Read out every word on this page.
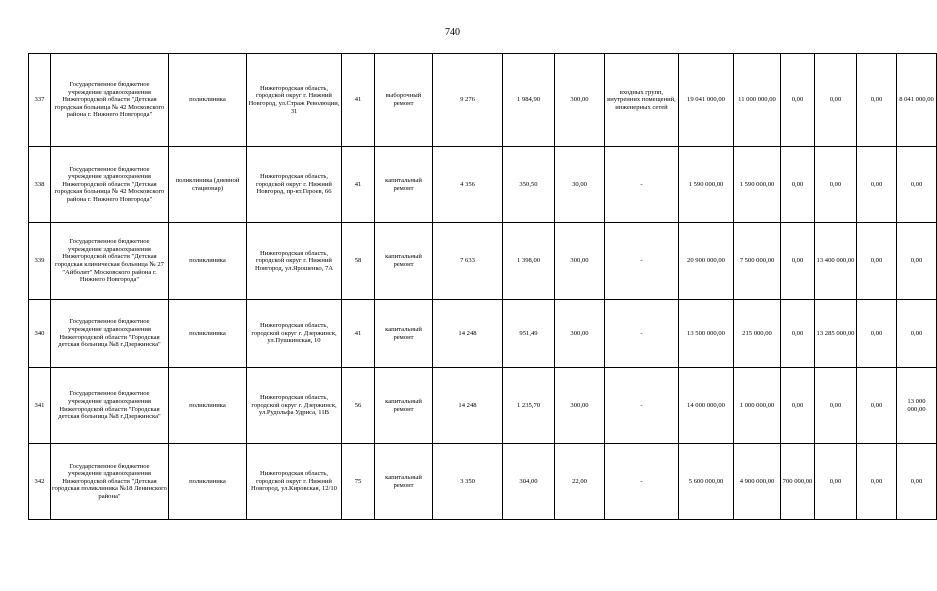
740
337	Государственное бюджетное учреждение здравоохранения Нижегородской области "Детская городская больница № 42 Московского района г. Нижнего Новгорода"	поликлиника	Нижегородская область, городской округ г. Нижний Новгород, ул.Страж Революции, 31	41	выборочный ремонт	9 276	1 984,90	300,00	входных групп, внутренних помещений, инженерных сетей	19 041 000,00	11 000 000,00	0,00	0,00	0,00	8 041 000,00
338	Государственное бюджетное учреждение здравоохранения Нижегородской области "Детская городская больница № 42 Московского района г. Нижнего Новгорода"	поликлиника (дневной стационар)	Нижегородская область, городской округ г. Нижний Новгород, пр-кт.Героев, 66	41	капитальный ремонт	4 356	350,50	30,00	-	1 590 000,00	1 590 000,00	0,00	0,00	0,00	0,00
339	Государственное бюджетное учреждение здравоохранения Нижегородской области "Детская городская клиническая больница № 27 "Айболит" Московского района г. Нижнего Новгорода"	поликлиника	Нижегородская область, городской округ г. Нижний Новгород, ул.Ярошенко, 7А	58	капитальный ремонт	7 633	1 398,00	300,00	-	20 900 000,00	7 500 000,00	0,00	13 400 000,00	0,00	0,00
340	Государственное бюджетное учреждение здравоохранения Нижегородской области "Городская детская больница №8 г.Дзержинска"	поликлиника	Нижегородская область, городской округ г. Дзержинск, ул.Пушкинская, 10	41	капитальный ремонт	14 248	951,49	300,00	-	13 500 000,00	215 000,00	0,00	13 285 000,00	0,00	0,00
341	Государственное бюджетное учреждение здравоохранения Нижегородской области "Городская детская больница №8 г.Дзержинска"	поликлиника	Нижегородская область, городской округ г. Дзержинск, ул.Рудольфа Удриса, 11В	56	капитальный ремонт	14 248	1 235,70	300,00	-	14 000 000,00	1 000 000,00	0,00	0,00	0,00	13 000 000,00
342	Государственное бюджетное учреждение здравоохранения Нижегородской области "Детская городская поликлиника №18 Ленинского района"	поликлиника	Нижегородская область, городской округ г. Нижний Новгород, ул.Кировская, 12/10	75	капитальный ремонт	3 350	304,00	22,00	-	5 600 000,00	4 900 000,00	700 000,00	0,00	0,00	0,00
